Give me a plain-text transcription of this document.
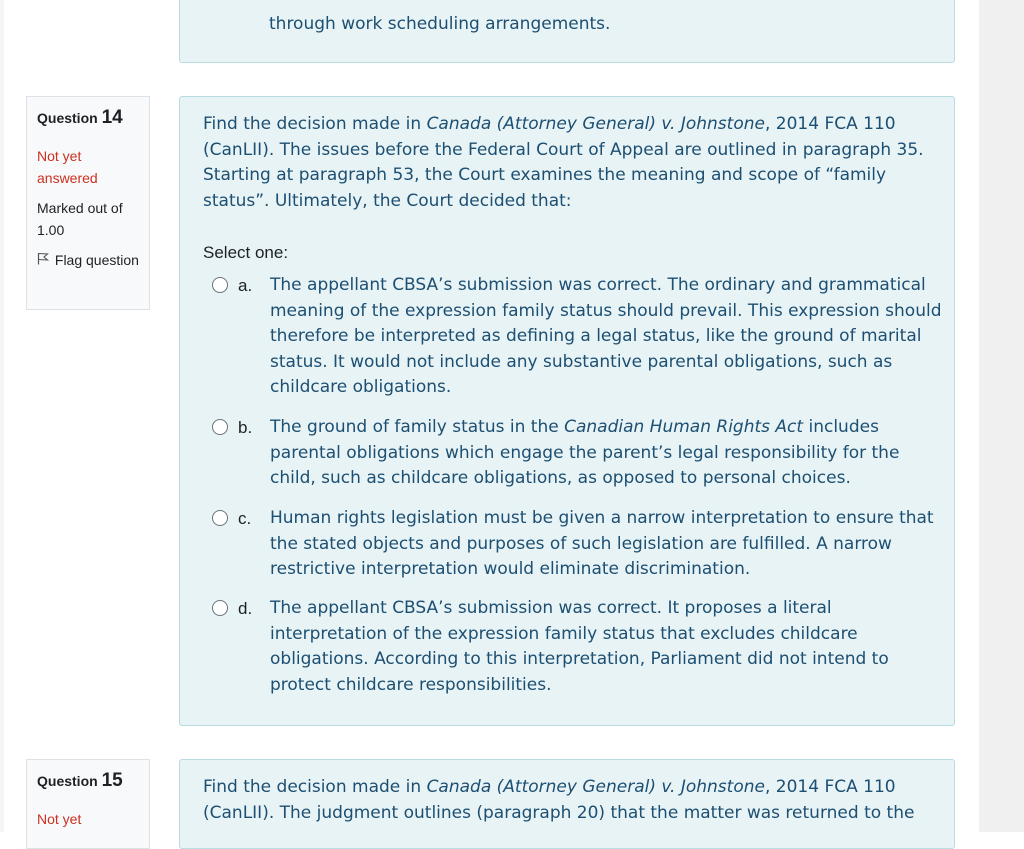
through work scheduling arrangements.
Question 14
Not yet answered
Marked out of 1.00
Flag question
Find the decision made in Canada (Attorney General) v. Johnstone, 2014 FCA 110 (CanLII). The issues before the Federal Court of Appeal are outlined in paragraph 35. Starting at paragraph 53, the Court examines the meaning and scope of “family status”. Ultimately, the Court decided that:
Select one:
a. The appellant CBSA’s submission was correct. The ordinary and grammatical meaning of the expression family status should prevail. This expression should therefore be interpreted as defining a legal status, like the ground of marital status. It would not include any substantive parental obligations, such as childcare obligations.
b. The ground of family status in the Canadian Human Rights Act includes parental obligations which engage the parent’s legal responsibility for the child, such as childcare obligations, as opposed to personal choices.
c. Human rights legislation must be given a narrow interpretation to ensure that the stated objects and purposes of such legislation are fulfilled. A narrow restrictive interpretation would eliminate discrimination.
d. The appellant CBSA’s submission was correct. It proposes a literal interpretation of the expression family status that excludes childcare obligations. According to this interpretation, Parliament did not intend to protect childcare responsibilities.
Question 15
Not yet
Find the decision made in Canada (Attorney General) v. Johnstone, 2014 FCA 110 (CanLII). The judgment outlines (paragraph 20) that the matter was returned to the
